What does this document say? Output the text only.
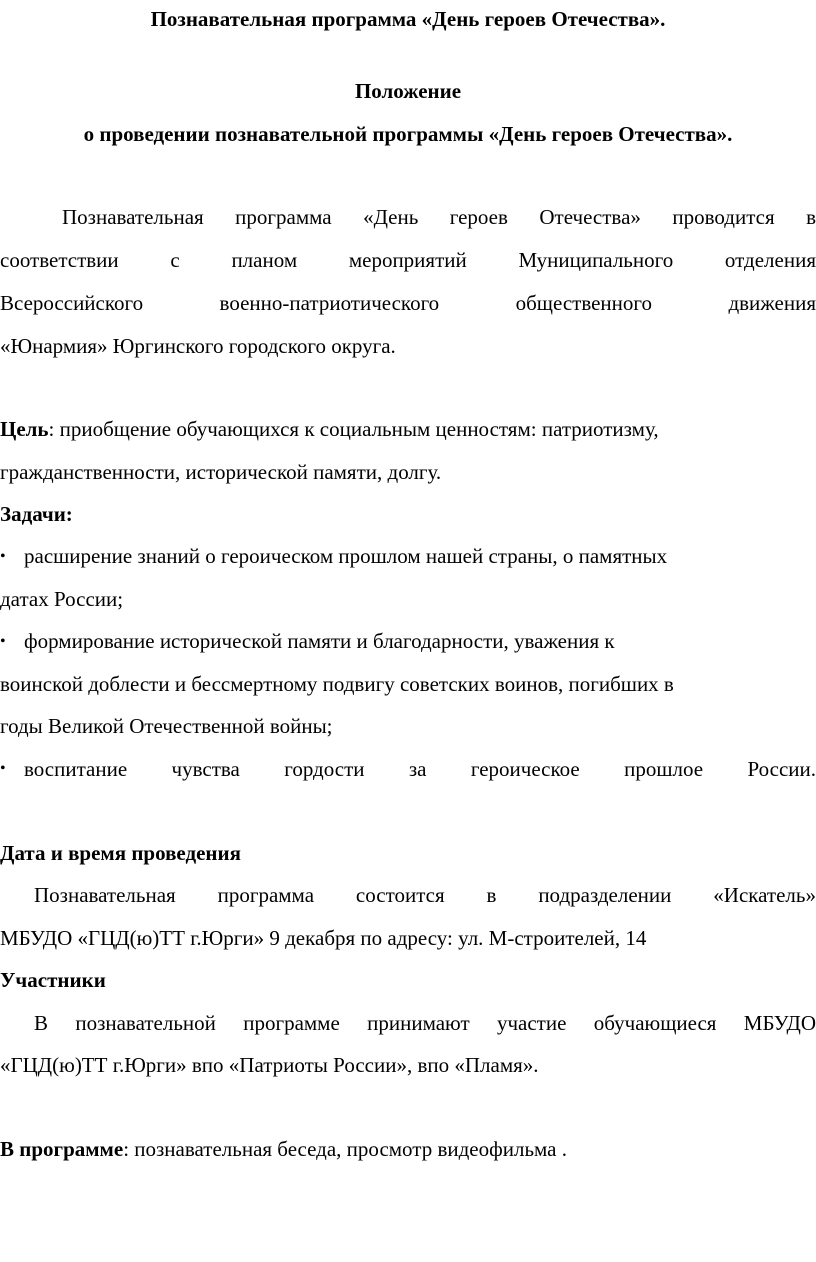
Познавательная программа «День героев Отечества».

Положение

о проведении познавательной программы «День героев Отечества».

Познавательная программа «День героев Отечества» проводится в

соответствии с планом мероприятий Муниципального отделения

Всероссийского военно-патриотического общественного движения

«Юнармия» Юргинского городского округа.

Цель: приобщение обучающихся к социальным ценностям: патриотизму,

гражданственности, исторической памяти, долгу.

Задачи:

• расширение знаний о героическом прошлом нашей страны, о памятных

датах России;

• формирование исторической памяти и благодарности, уважения к

воинской доблести и бессмертному подвигу советских воинов, погибших в

годы Великой Отечественной войны;

• воспитание чувства гордости за героическое прошлое России.

Дата и время проведения

Познавательная программа состоится в подразделении «Искатель»

МБУДО «ГЦД(ю)ТТ г.Юрги» 9 декабря по адресу: ул. М-строителей, 14

Участники

В познавательной программе принимают участие обучающиеся МБУДО

«ГЦД(ю)ТТ г.Юрги» впо «Патриоты России», впо «Пламя».

В программе: познавательная беседа, просмотр видеофильма .
